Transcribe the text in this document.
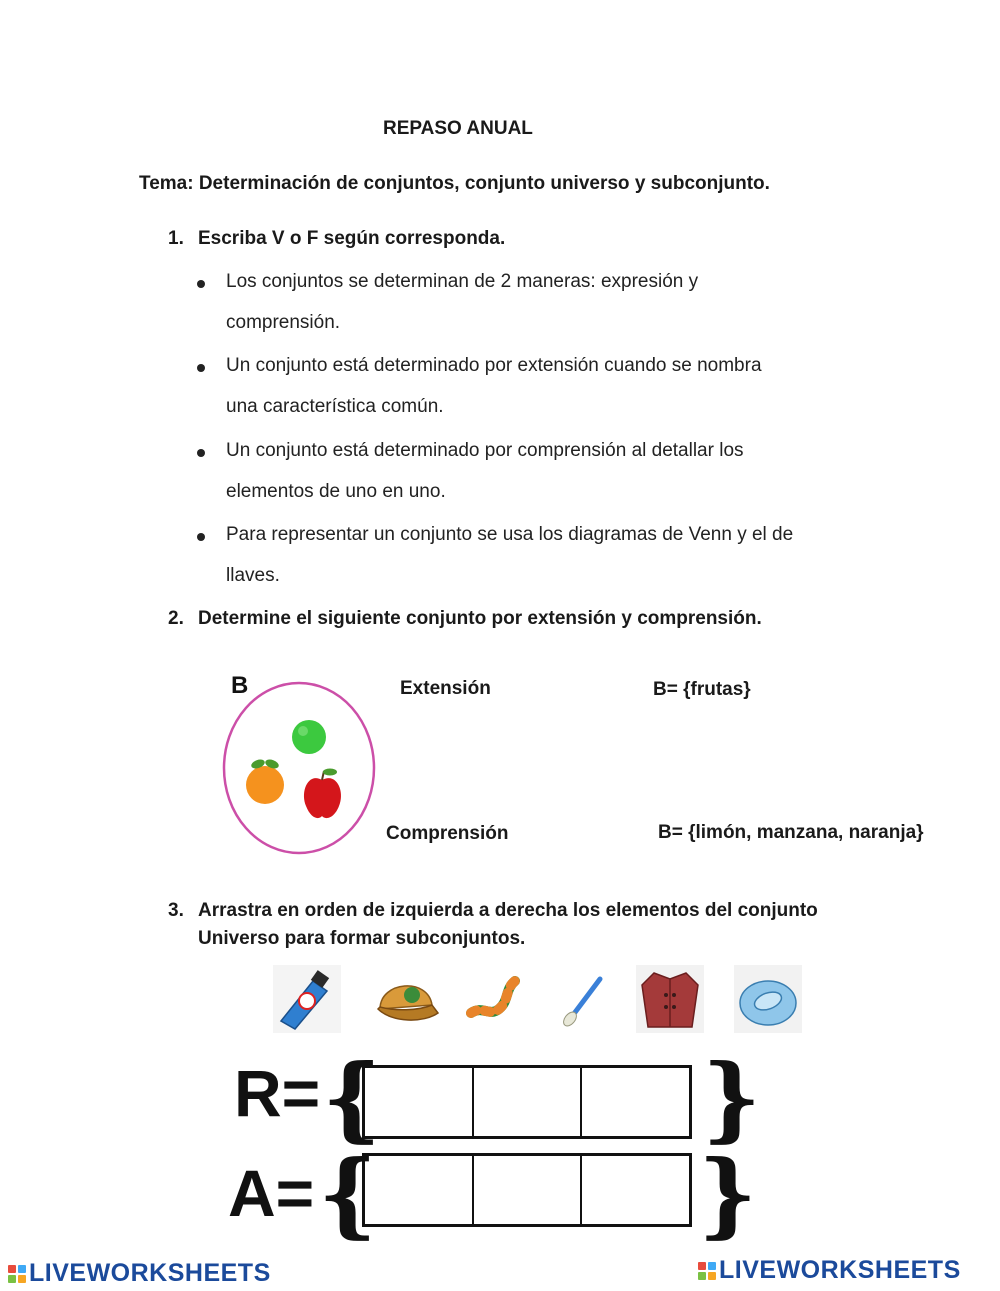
REPASO ANUAL
Tema: Determinación de conjuntos, conjunto universo y subconjunto.
1. Escriba V o F según corresponda.
Los conjuntos se determinan de 2 maneras: expresión y
comprensión.
Un conjunto está determinado por extensión cuando se nombra
una característica común.
Un conjunto está determinado por comprensión al detallar los
elementos de uno en uno.
Para representar un conjunto se usa los diagramas de Venn y el de
llaves.
2. Determine el siguiente conjunto por extensión y comprensión.
B	Extensión	B= {frutas}
Comprensión	B= {limón, manzana, naranja}
3. Arrastra en orden de izquierda a derecha los elementos del conjunto
Universo para formar subconjuntos.
R= {	}
A= {	}
LIVEWORKSHEETS	LIVEWORKSHEETS
